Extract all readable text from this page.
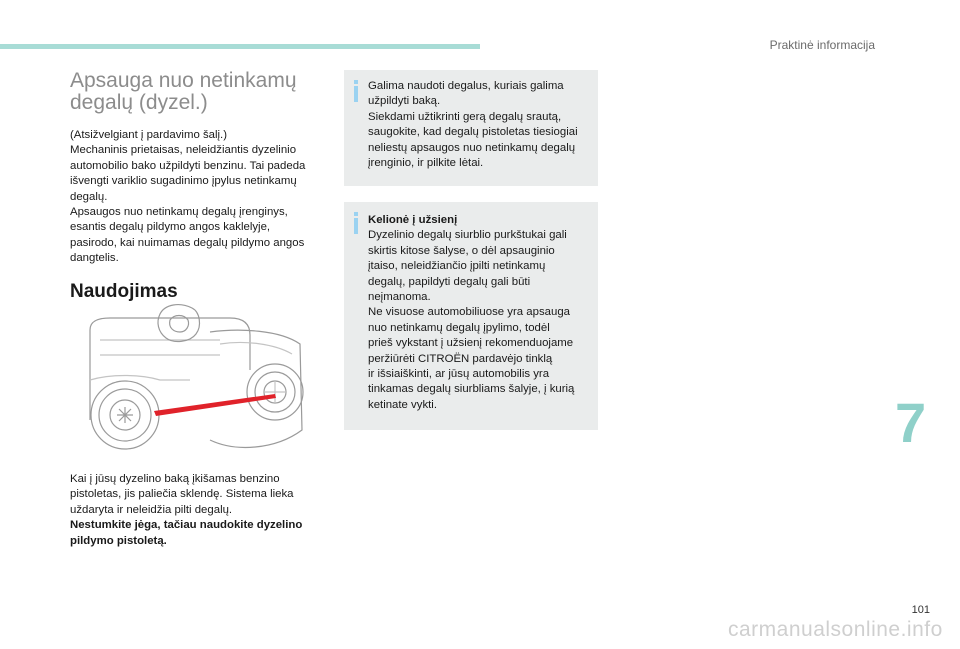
Praktinė informacija
Apsauga nuo netinkamų
degalų (dyzel.)

(Atsižvelgiant į pardavimo šalį.)

Mechaninis prietaisas, neleidžiantis dyzelinio

automobilio bako užpildyti benzinu. Tai padeda

išvengti variklio sugadinimo įpylus netinkamų

degalų.

Apsaugos nuo netinkamų degalų įrenginys,

esantis degalų pildymo angos kaklelyje,

pasirodo, kai nuimamas degalų pildymo angos

dangtelis.

Naudojimas

Kai į jūsų dyzelino baką įkišamas benzino

pistoletas, jis paliečia sklendę. Sistema lieka

uždaryta ir neleidžia pilti degalų.

Nestumkite jėga, tačiau naudokite dyzelino

pildymo pistoletą.

Galima naudoti degalus, kuriais galima

užpildyti baką.

Siekdami užtikrinti gerą degalų srautą,

saugokite, kad degalų pistoletas tiesiogiai

neliestų apsaugos nuo netinkamų degalų

įrenginio, ir pilkite lėtai.

Kelionė į užsienį

Dyzelinio degalų siurblio purkštukai gali

skirtis kitose šalyse, o dėl apsauginio

įtaiso, neleidžiančio įpilti netinkamų

degalų, papildyti degalų gali būti

neįmanoma.

Ne visuose automobiliuose yra apsauga

nuo netinkamų degalų įpylimo, todėl

prieš vykstant į užsienį rekomenduojame

peržiūrėti CITROËN pardavėjo tinklą

ir išsiaiškinti, ar jūsų automobilis yra

tinkamas degalų siurbliams šalyje, į kurią

ketinate vykti.	7
101
carmanualsonline.info
